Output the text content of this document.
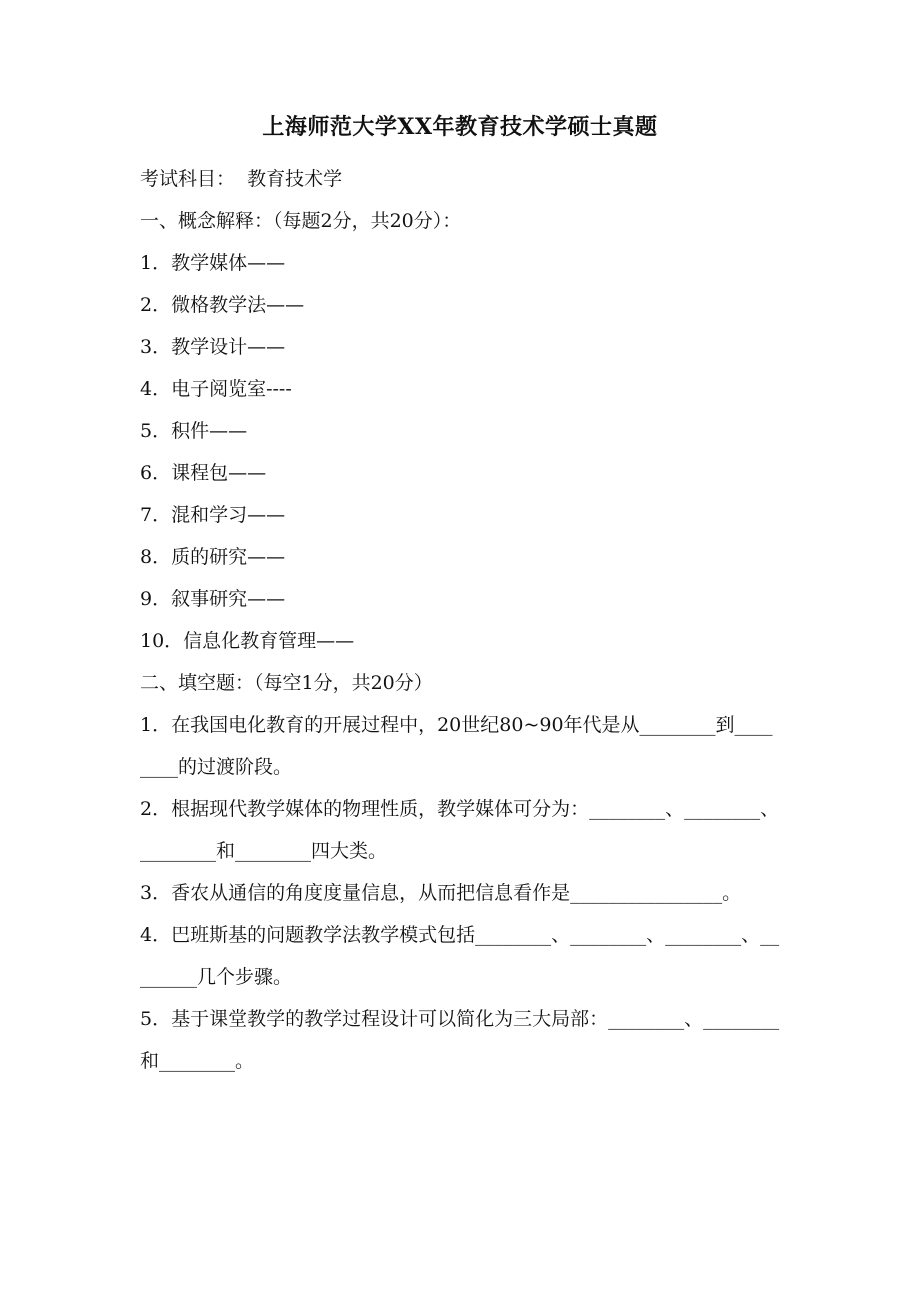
上海师范大学XX年教育技术学硕士真题
考试科目：  教育技术学
一、概念解释：（每题2分，共20分）：
1．教学媒体——
2．微格教学法——
3．教学设计——
4．电子阅览室----
5．积件——
6．课程包——
7．混和学习——
8．质的研究——
9．叙事研究——
10．信息化教育管理——
二、填空题：（每空1分，共20分）
1．在我国电化教育的开展过程中，20世纪80~90年代是从________到________的过渡阶段。
2．根据现代教学媒体的物理性质，教学媒体可分为：________、________、________和________四大类。
3．香农从通信的角度度量信息，从而把信息看作是________________。
4．巴班斯基的问题教学法教学模式包括________、________、________、________几个步骤。
5．基于课堂教学的教学过程设计可以简化为三大局部：________、________和________。
